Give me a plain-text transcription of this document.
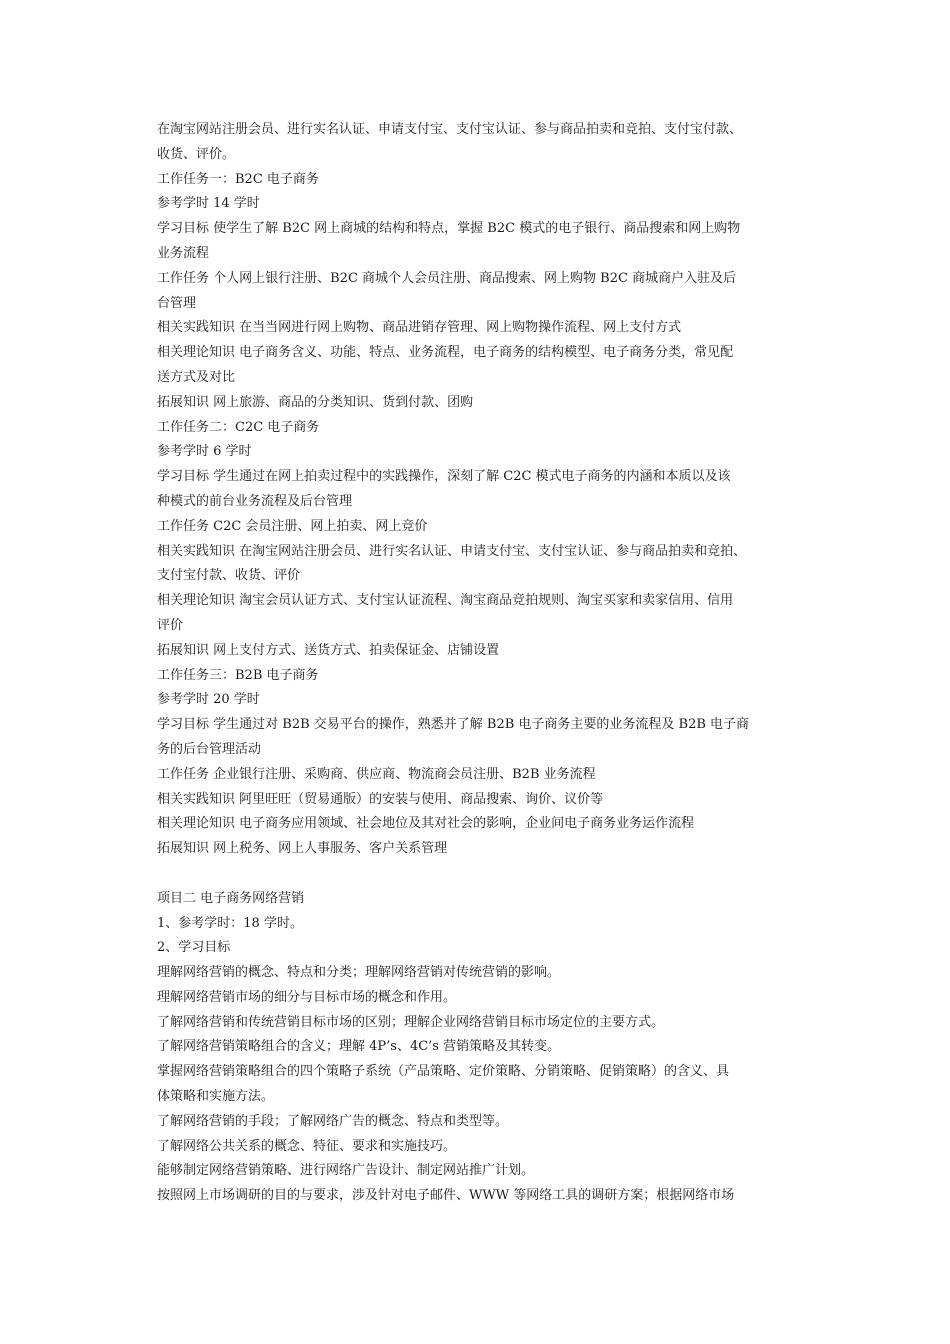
在淘宝网站注册会员、进行实名认证、申请支付宝、支付宝认证、参与商品拍卖和竞拍、支付宝付款、
收货、评价。
工作任务一：B2C 电子商务
参考学时 14 学时
学习目标 使学生了解 B2C 网上商城的结构和特点，掌握 B2C 模式的电子银行、商品搜索和网上购物
业务流程
工作任务 个人网上银行注册、B2C 商城个人会员注册、商品搜索、网上购物 B2C 商城商户入驻及后
台管理
相关实践知识 在当当网进行网上购物、商品进销存管理、网上购物操作流程、网上支付方式
相关理论知识 电子商务含义、功能、特点、业务流程，电子商务的结构模型、电子商务分类，常见配
送方式及对比
拓展知识 网上旅游、商品的分类知识、货到付款、团购
工作任务二：C2C 电子商务
参考学时 6 学时
学习目标 学生通过在网上拍卖过程中的实践操作，深刻了解 C2C 模式电子商务的内涵和本质以及该
种模式的前台业务流程及后台管理
工作任务 C2C 会员注册、网上拍卖、网上竞价
相关实践知识 在淘宝网站注册会员、进行实名认证、申请支付宝、支付宝认证、参与商品拍卖和竞拍、
支付宝付款、收货、评价
相关理论知识 淘宝会员认证方式、支付宝认证流程、淘宝商品竞拍规则、淘宝买家和卖家信用、信用
评价
拓展知识 网上支付方式、送货方式、拍卖保证金、店铺设置
工作任务三：B2B 电子商务
参考学时 20 学时
学习目标 学生通过对 B2B 交易平台的操作，熟悉并了解 B2B 电子商务主要的业务流程及 B2B 电子商
务的后台管理活动
工作任务 企业银行注册、采购商、供应商、物流商会员注册、B2B 业务流程
相关实践知识 阿里旺旺（贸易通版）的安装与使用、商品搜索、询价、议价等
相关理论知识 电子商务应用领域、社会地位及其对社会的影响，企业间电子商务业务运作流程
拓展知识 网上税务、网上人事服务、客户关系管理
项目二 电子商务网络营销
1、参考学时：18 学时。
2、学习目标
理解网络营销的概念、特点和分类；理解网络营销对传统营销的影响。
理解网络营销市场的细分与目标市场的概念和作用。
了解网络营销和传统营销目标市场的区别；理解企业网络营销目标市场定位的主要方式。
了解网络营销策略组合的含义；理解 4P’s、4C’s 营销策略及其转变。
掌握网络营销策略组合的四个策略子系统（产品策略、定价策略、分销策略、促销策略）的含义、具
体策略和实施方法。
了解网络营销的手段；了解网络广告的概念、特点和类型等。
了解网络公共关系的概念、特征、要求和实施技巧。
能够制定网络营销策略、进行网络广告设计、制定网站推广计划。
按照网上市场调研的目的与要求，涉及针对电子邮件、WWW 等网络工具的调研方案；根据网络市场
